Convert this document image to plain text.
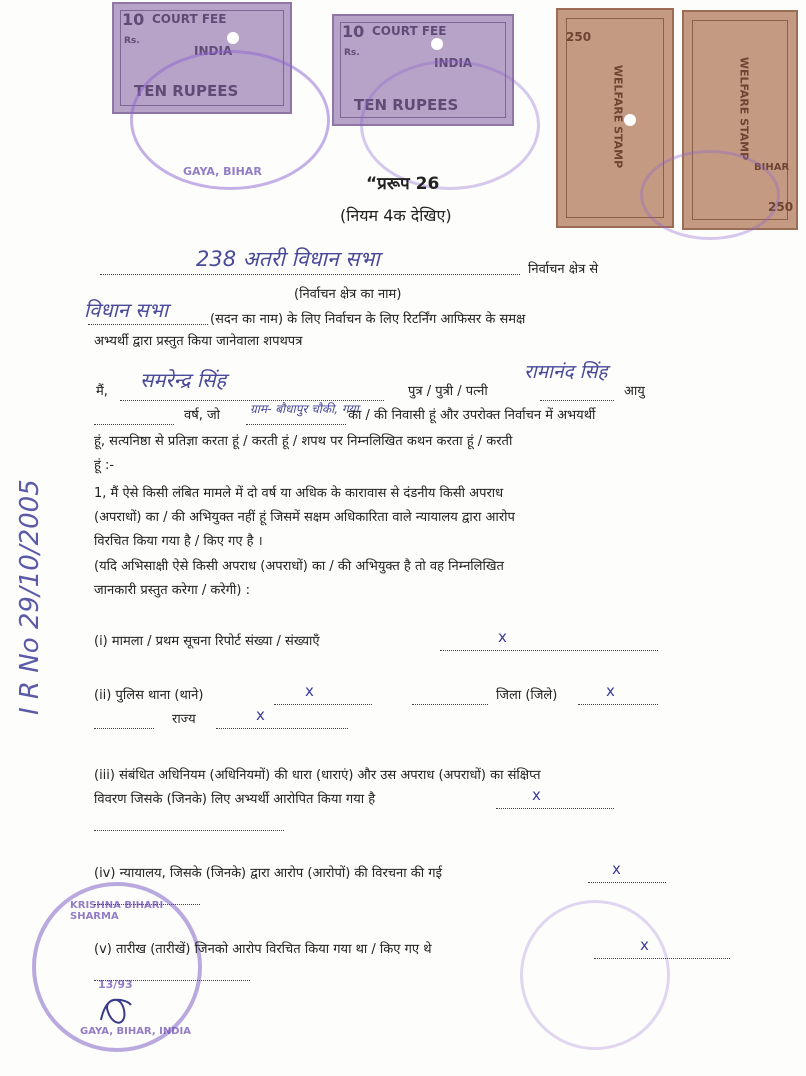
I R No 29/10/2005
10 COURT FEE
INDIA
TEN RUPEES
Rs.	10 COURT FEE
INDIA
TEN RUPEES
Rs.
WELFARE STAMP
250
WELFARE STAMP
250
BIHAR
GAYA, BIHAR
KRISHNA BIHARI SHARMA
GAYA, BIHAR, INDIA
13/93
“प्ररूप 26
(नियम 4क देखिए)
238 अतरी विधान सभा	निर्वाचन क्षेत्र से
(निर्वाचन क्षेत्र का नाम)
विधान सभा	(सदन का नाम) के लिए निर्वाचन के लिए रिटर्निंग आफिसर के समक्ष
अभ्यर्थी द्वारा प्रस्तुत किया जानेवाला शपथपत्र
मैं, समरेन्द्र सिंह	पुत्र / पुत्री / पत्नी
रामानंद सिंह
आयु
वर्ष, जो ग्राम- बौधापुर चौकी, गया
का / की निवासी हूं और उपरोक्त निर्वाचन में अभयर्थी
हूं, सत्यनिष्ठा से प्रतिज्ञा करता हूं / करती हूं / शपथ पर निम्नलिखित कथन करता हूं / करती
हूं :-
1, मैं ऐसे किसी लंबित मामले में दो वर्ष या अधिक के कारावास से दंडनीय किसी अपराध
(अपराधों) का / की अभियुक्त नहीं हूं जिसमें सक्षम अधिकारिता वाले न्यायालय द्वारा आरोप
विरचित किया गया है / किए गए है ।
(यदि अभिसाक्षी ऐसे किसी अपराध (अपराधों) का / की अभियुक्त है तो वह निम्नलिखित
जानकारी प्रस्तुत करेगा / करेगी) :
(i) मामला / प्रथम सूचना रिपोर्ट संख्या / संख्याएँ	x
(ii) पुलिस थाना (थाने)	x	जिला (जिले)	x
राज्य	x
(iii) संबंधित अधिनियम (अधिनियमों) की धारा (धाराएं) और उस अपराध (अपराधों) का संक्षिप्त
विवरण जिसके (जिनके) लिए अभ्यर्थी आरोपित किया गया है	x
(iv) न्यायालय, जिसके (जिनके) द्वारा आरोप (आरोपों) की विरचना की गई	x
(v) तारीख (तारीखें) जिनको आरोप विरचित किया गया था / किए गए थे	x
